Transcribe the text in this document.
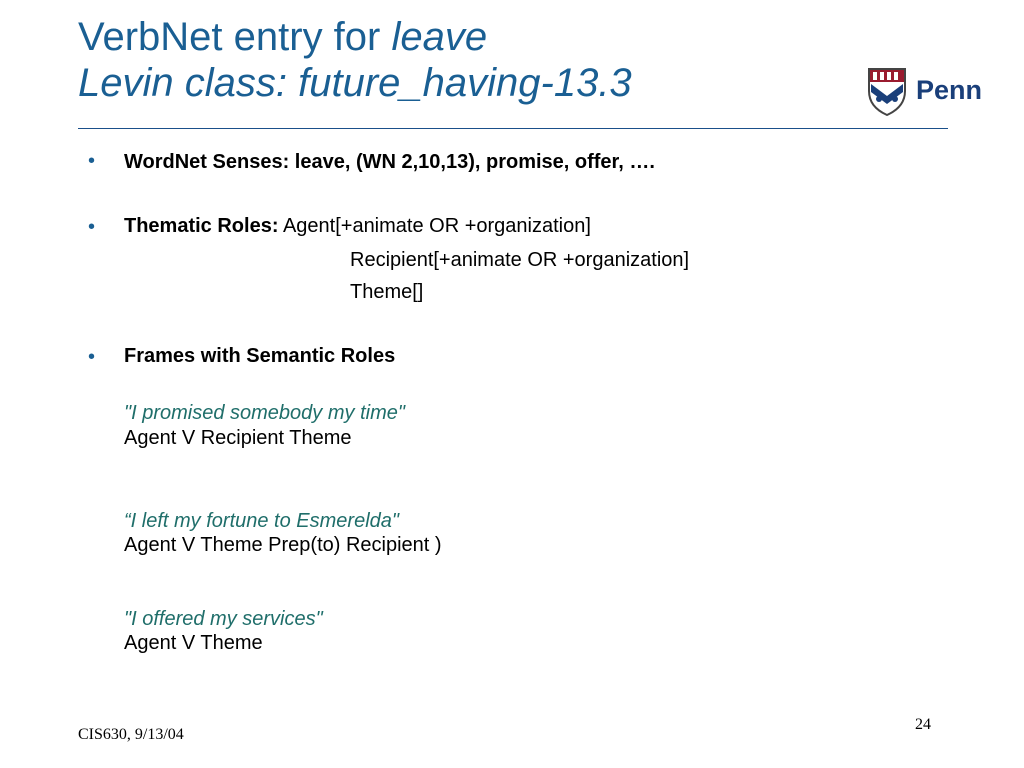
VerbNet entry for leave
Levin class: future_having-13.3	Penn
• WordNet Senses: leave, (WN 2,10,13), promise, offer, ….
• Thematic Roles: Agent[+animate OR +organization]
Recipient[+animate OR +organization]
Theme[]
• Frames with Semantic Roles
"I promised somebody my time"
Agent V Recipient Theme
“I left my fortune to Esmerelda"
Agent V Theme Prep(to) Recipient )
"I offered my services"
Agent V Theme
CIS630, 9/13/04
24
